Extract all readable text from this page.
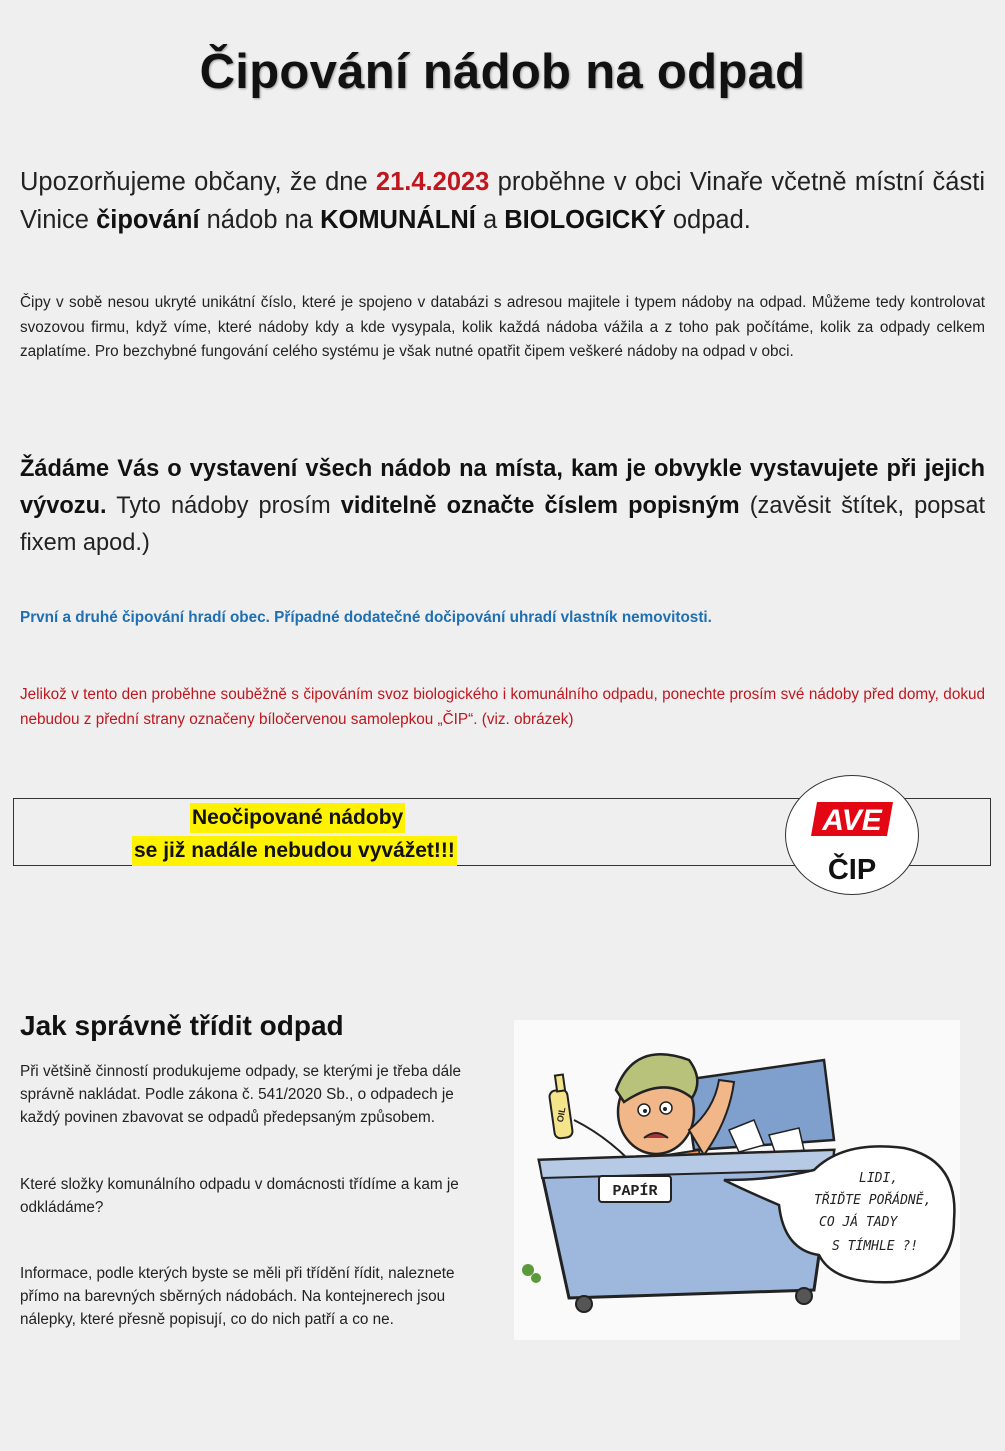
Čipování nádob na odpad
Upozorňujeme občany, že dne 21.4.2023 proběhne v obci Vinaře včetně místní části Vinice čipování nádob na KOMUNÁLNÍ a BIOLOGICKÝ odpad.
Čipy v sobě nesou ukryté unikátní číslo, které je spojeno v databázi s adresou majitele i typem nádoby na odpad. Můžeme tedy kontrolovat svozovou firmu, když víme, které nádoby kdy a kde vysypala, kolik každá nádoba vážila a z toho pak počítáme, kolik za odpady celkem zaplatíme. Pro bezchybné fungování celého systému je však nutné opatřit čipem veškeré nádoby na odpad v obci.
Žádáme Vás o vystavení všech nádob na místa, kam je obvykle vystavujete při jejich vývozu. Tyto nádoby prosím viditelně označte číslem popisným (zavěsit štítek, popsat fixem apod.)
První a druhé čipování hradí obec. Případné dodatečné dočipování uhradí vlastník nemovitosti.
Jelikož v tento den proběhne souběžně s čipováním svoz biologického i komunálního odpadu, ponechte prosím své nádoby před domy, dokud nebudou z přední strany označeny bíločervenou samolepkou „ČIP“. (viz. obrázek)
Neočipované nádoby
se již nadále nebudou vyvážet!!!
AVE
ČIP
Jak správně třídit odpad
Při většině činností produkujeme odpady, se kterými je třeba dále správně nakládat. Podle zákona č. 541/2020 Sb., o odpadech je každý povinen zbavovat se odpadů předepsaným způsobem.
Které složky komunálního odpadu v domácnosti třídíme a kam je odkládáme?
Informace, podle kterých byste se měli při třídění řídit, naleznete přímo na barevných sběrných nádobách. Na kontejnerech jsou nálepky, které přesně popisují, co do nich patří a co ne.
OIL
PAPÍR
LIDI,
TŘIĎTE POŘÁDNĚ,
CO JÁ TADY
S TÍMHLE ?!
